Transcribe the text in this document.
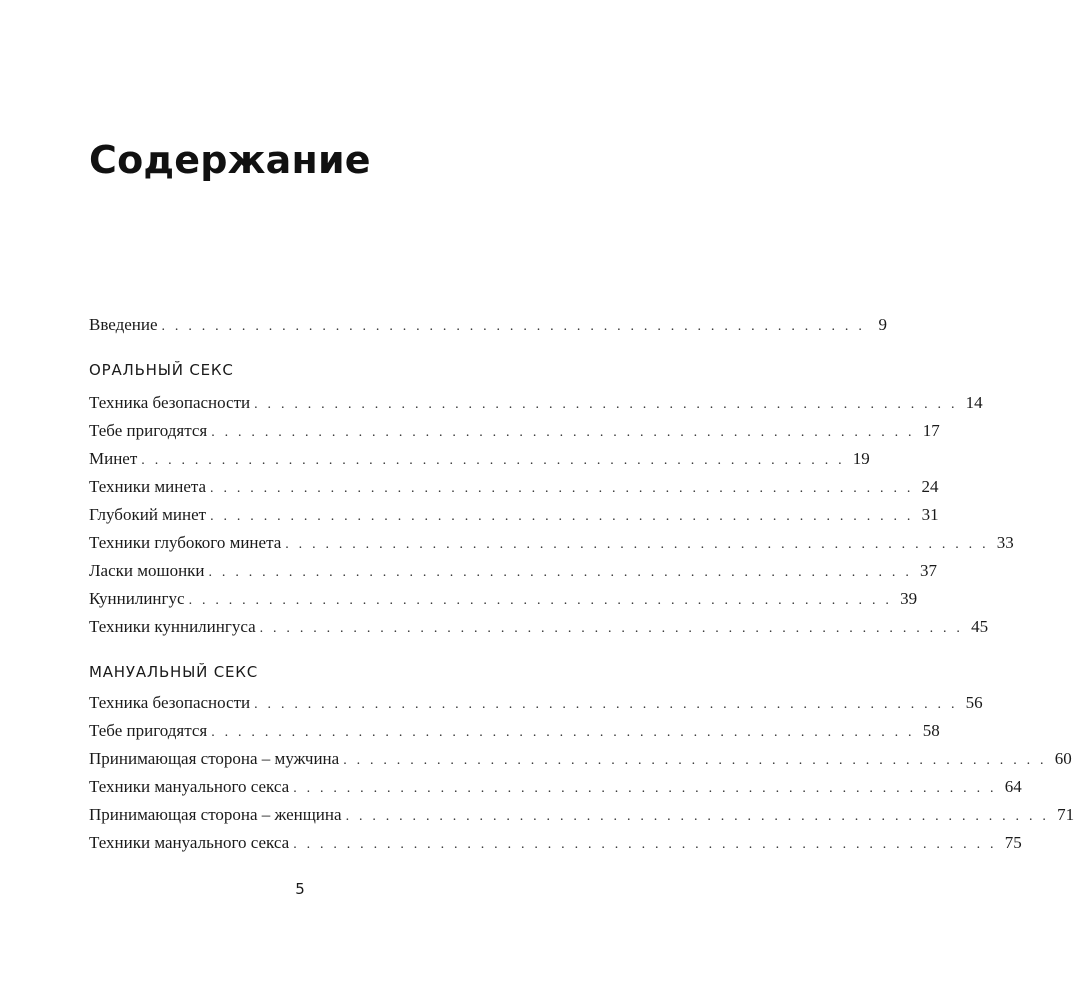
Содержание
Введение . . . . . . . . . . . . . . . . . . . . . . . . . . . . . . . . . . . . . . . . . . . . . . . . . . . . . 9
ОРАЛЬНЫЙ СЕКС
Техника безопасности . . . . . . . . . . . . . . . . . . . . . . . . . . . . . . . . . . . . . . . . . . . . . . . . . . . . . 14
Тебе пригодятся . . . . . . . . . . . . . . . . . . . . . . . . . . . . . . . . . . . . . . . . . . . . . . . . . . . . . 17
Минет . . . . . . . . . . . . . . . . . . . . . . . . . . . . . . . . . . . . . . . . . . . . . . . . . . . . . 19
Техники минета . . . . . . . . . . . . . . . . . . . . . . . . . . . . . . . . . . . . . . . . . . . . . . . . . . . . . 24
Глубокий минет . . . . . . . . . . . . . . . . . . . . . . . . . . . . . . . . . . . . . . . . . . . . . . . . . . . . . 31
Техники глубокого минета . . . . . . . . . . . . . . . . . . . . . . . . . . . . . . . . . . . . . . . . . . . . . . . . . . . . . 33
Ласки мошонки . . . . . . . . . . . . . . . . . . . . . . . . . . . . . . . . . . . . . . . . . . . . . . . . . . . . . 37
Куннилингус . . . . . . . . . . . . . . . . . . . . . . . . . . . . . . . . . . . . . . . . . . . . . . . . . . . . . 39
Техники куннилингуса . . . . . . . . . . . . . . . . . . . . . . . . . . . . . . . . . . . . . . . . . . . . . . . . . . . . . 45
МАНУАЛЬНЫЙ СЕКС
Техника безопасности . . . . . . . . . . . . . . . . . . . . . . . . . . . . . . . . . . . . . . . . . . . . . . . . . . . . . 56
Тебе пригодятся . . . . . . . . . . . . . . . . . . . . . . . . . . . . . . . . . . . . . . . . . . . . . . . . . . . . . 58
Принимающая сторона – мужчина . . . . . . . . . . . . . . . . . . . . . . . . . . . . . . . . . . . . . . . . . . . . . . . . . . . . . 60
Техники мануального секса . . . . . . . . . . . . . . . . . . . . . . . . . . . . . . . . . . . . . . . . . . . . . . . . . . . . . 64
Принимающая сторона – женщина . . . . . . . . . . . . . . . . . . . . . . . . . . . . . . . . . . . . . . . . . . . . . . . . . . . . . 71
Техники мануального секса . . . . . . . . . . . . . . . . . . . . . . . . . . . . . . . . . . . . . . . . . . . . . . . . . . . . . 75
5
